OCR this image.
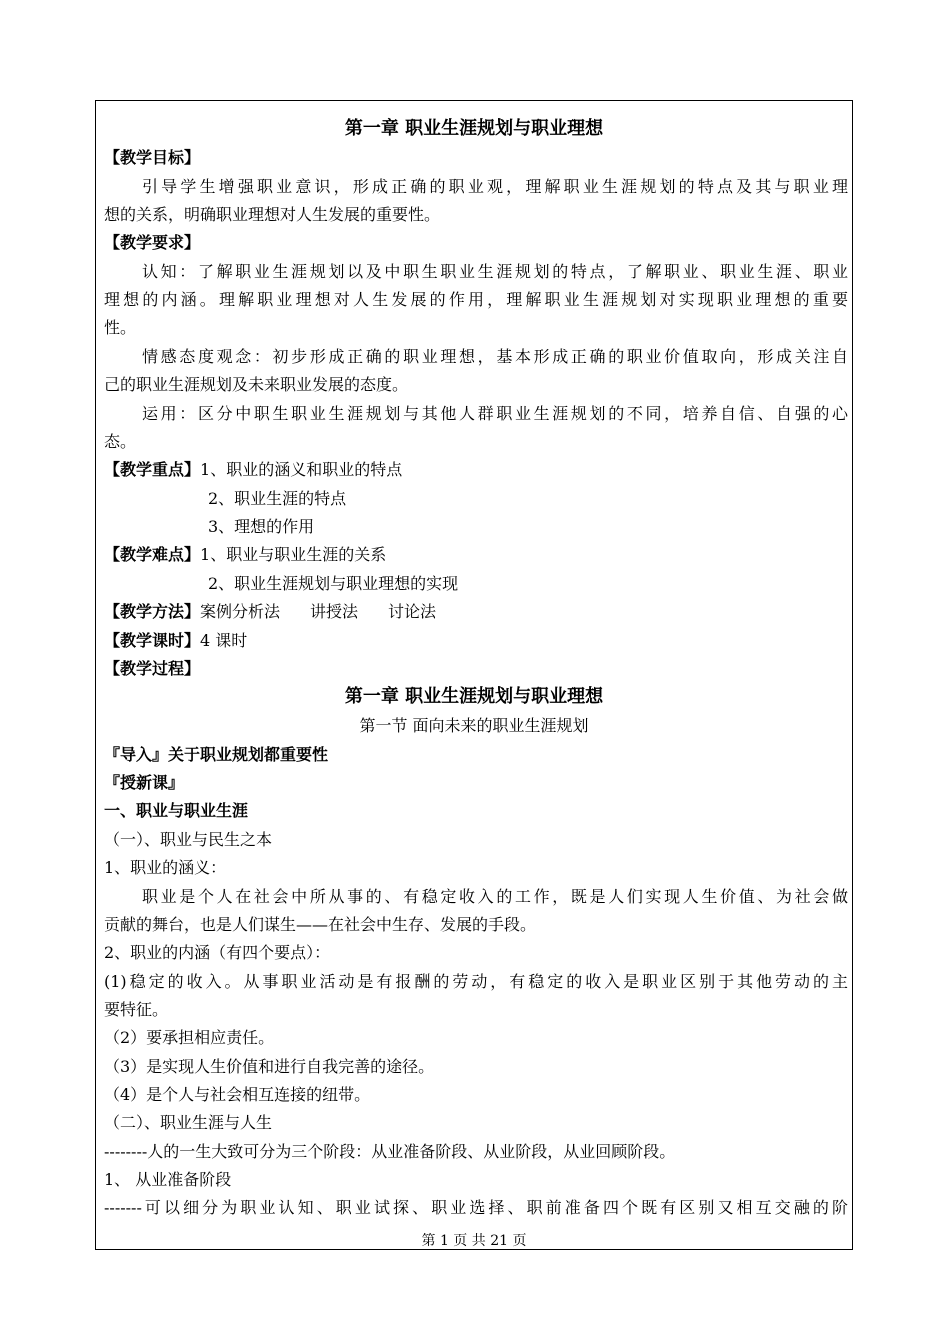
第一章 职业生涯规划与职业理想
【教学目标】
引导学生增强职业意识，形成正确的职业观，理解职业生涯规划的特点及其与职业理
想的关系，明确职业理想对人生发展的重要性。
【教学要求】
认知：了解职业生涯规划以及中职生职业生涯规划的特点，了解职业、职业生涯、职业
理想的内涵。理解职业理想对人生发展的作用，理解职业生涯规划对实现职业理想的重要
性。
情感态度观念：初步形成正确的职业理想，基本形成正确的职业价值取向，形成关注自
己的职业生涯规划及未来职业发展的态度。
运用：区分中职生职业生涯规划与其他人群职业生涯规划的不同，培养自信、自强的心
态。
【教学重点】1、职业的涵义和职业的特点
2、职业生涯的特点
3、理想的作用
【教学难点】1、职业与职业生涯的关系
2、职业生涯规划与职业理想的实现
【教学方法】案例分析法 讲授法 讨论法
【教学课时】4 课时
【教学过程】
第一章 职业生涯规划与职业理想
第一节 面向未来的职业生涯规划
『导入』关于职业规划都重要性
『授新课』
一、职业与职业生涯
（一）、职业与民生之本
1、职业的涵义：
职业是个人在社会中所从事的、有稳定收入的工作，既是人们实现人生价值、为社会做
贡献的舞台，也是人们谋生——在社会中生存、发展的手段。
2、职业的内涵（有四个要点）：
(1)稳定的收入。从事职业活动是有报酬的劳动，有稳定的收入是职业区别于其他劳动的主
要特征。
（2）要承担相应责任。
（3）是实现人生价值和进行自我完善的途径。
（4）是个人与社会相互连接的纽带。
（二）、职业生涯与人生
--------人的一生大致可分为三个阶段：从业准备阶段、从业阶段，从业回顾阶段。
1、 从业准备阶段
-------可以细分为职业认知、职业试探、职业选择、职前准备四个既有区别又相互交融的阶
第 1 页 共 21 页
